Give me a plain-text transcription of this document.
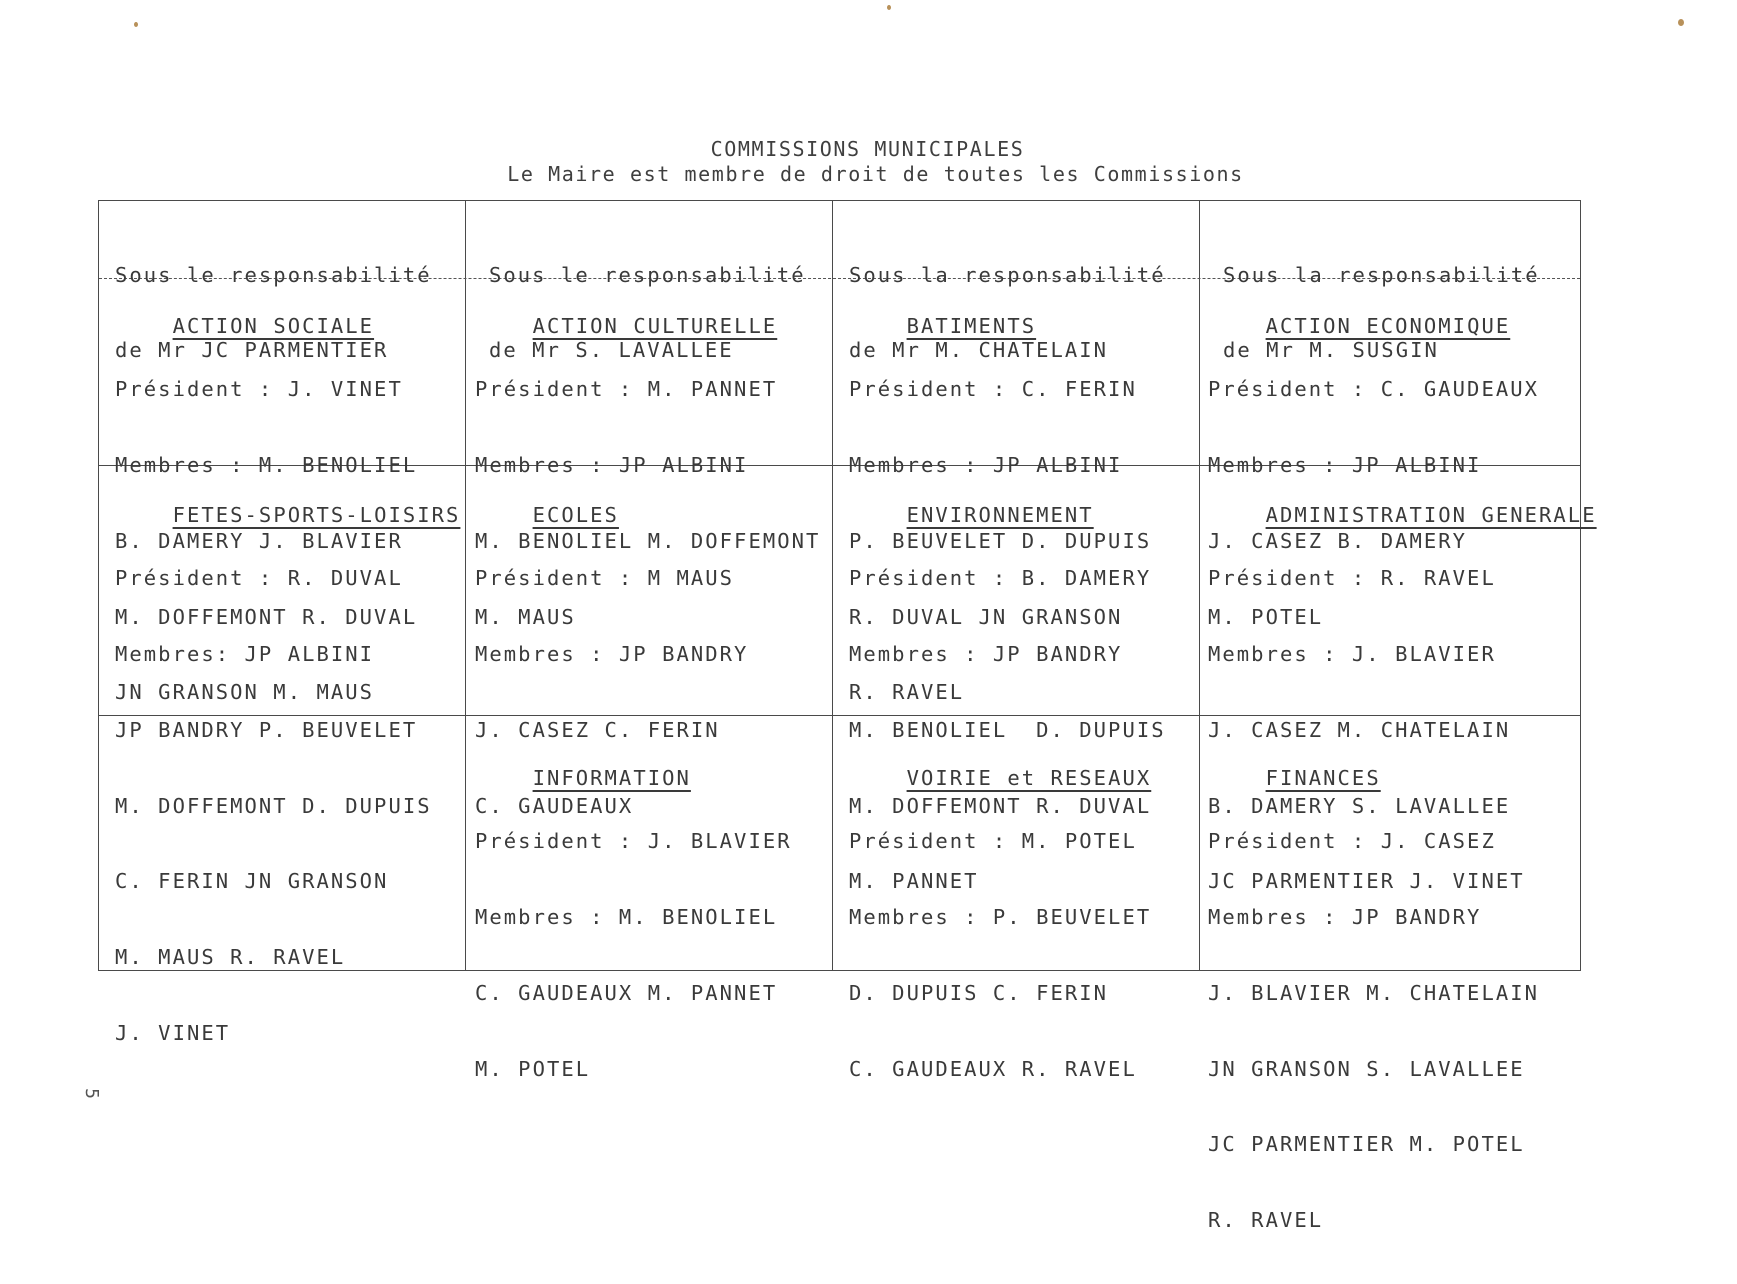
COMMISSIONS MUNICIPALES
Le Maire est membre de droit de toutes les Commissions

Sous le responsabilité

de Mr JC PARMENTIER

Sous le responsabilité

de Mr S. LAVALLEE

Sous la responsabilité

de Mr M. CHATELAIN

Sous la responsabilité

de Mr M. SUSGIN

ACTION SOCIALE

Président : J. VINET

Membres : M. BENOLIEL

B. DAMERY J. BLAVIER

M. DOFFEMONT R. DUVAL

JN GRANSON M. MAUS

ACTION CULTURELLE

Président : M. PANNET

Membres : JP ALBINI

M. BENOLIEL M. DOFFEMONT

M. MAUS

BATIMENTS

Président : C. FERIN

Membres : JP ALBINI

P. BEUVELET D. DUPUIS

R. DUVAL JN GRANSON

R. RAVEL

ACTION ECONOMIQUE

Président : C. GAUDEAUX

Membres : JP ALBINI

J. CASEZ B. DAMERY

M. POTEL

FETES-SPORTS-LOISIRS

Président : R. DUVAL

Membres: JP ALBINI

JP BANDRY P. BEUVELET

M. DOFFEMONT D. DUPUIS

C. FERIN JN GRANSON

M. MAUS R. RAVEL

J. VINET

ECOLES

Président : M MAUS

Membres : JP BANDRY

J. CASEZ C. FERIN

C. GAUDEAUX

ENVIRONNEMENT

Président : B. DAMERY

Membres : JP BANDRY

M. BENOLIEL  D. DUPUIS

M. DOFFEMONT R. DUVAL

M. PANNET

ADMINISTRATION GENERALE

Président : R. RAVEL

Membres : J. BLAVIER

J. CASEZ M. CHATELAIN

B. DAMERY S. LAVALLEE

JC PARMENTIER J. VINET

INFORMATION

Président : J. BLAVIER

Membres : M. BENOLIEL

C. GAUDEAUX M. PANNET

M. POTEL

VOIRIE et RESEAUX

Président : M. POTEL

Membres : P. BEUVELET

D. DUPUIS C. FERIN

C. GAUDEAUX R. RAVEL

FINANCES

Président : J. CASEZ

Membres : JP BANDRY

J. BLAVIER M. CHATELAIN

JN GRANSON S. LAVALLEE

JC PARMENTIER M. POTEL

R. RAVEL

5
